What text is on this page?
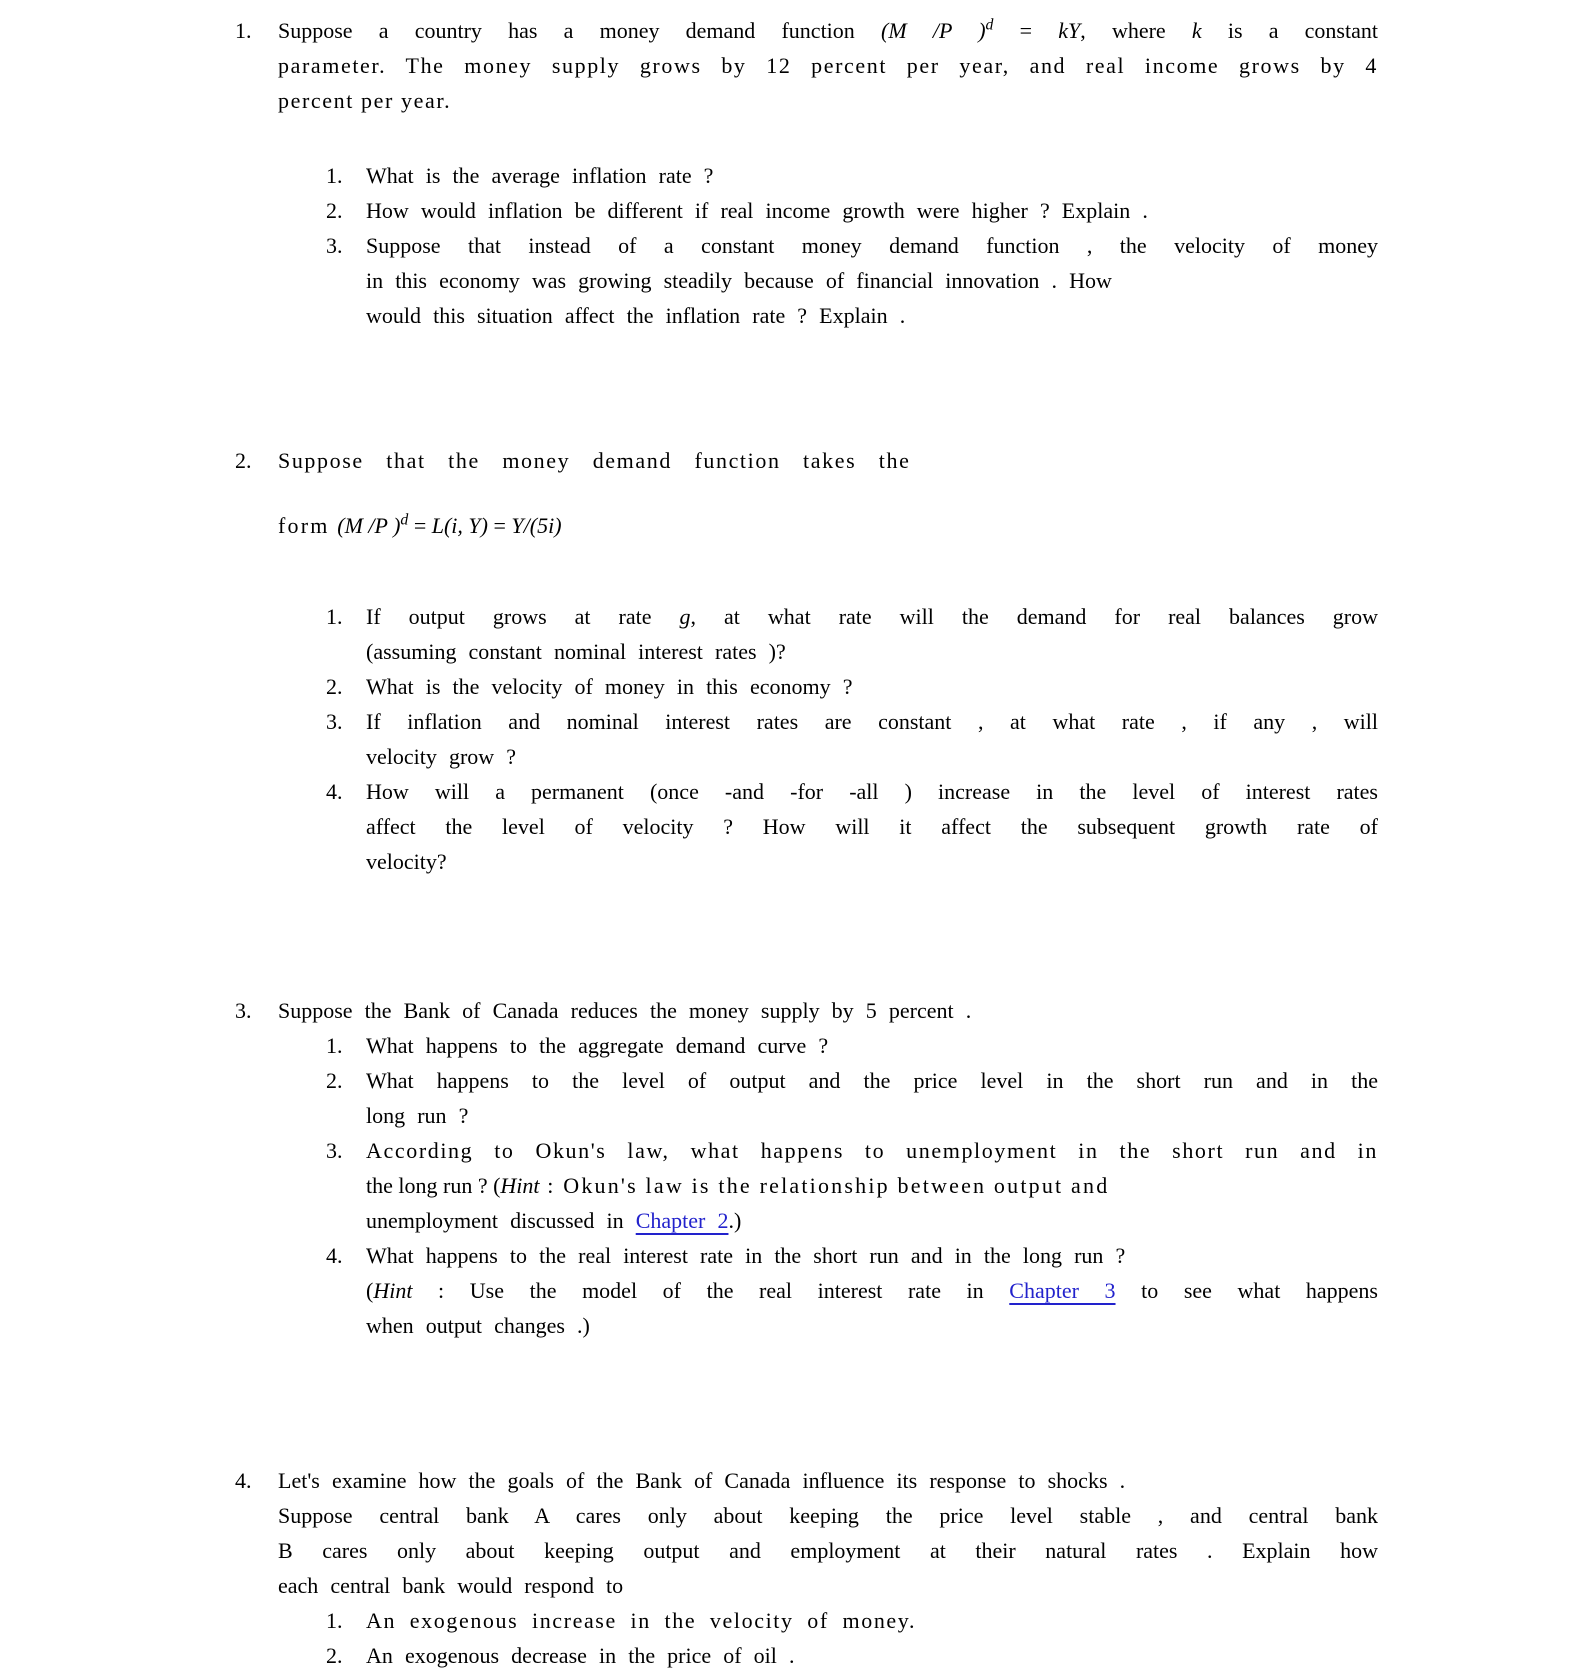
1.	Suppose a country has a money demand function (M /P )$^d$ = kY, where k is a constant
parameter. The money supply grows by 12 percent per year, and real income grows by 4
percent per year.
1.	What is the average inflation rate ?
2.	How would inflation be different if real income growth were higher ? Explain .
3.	Suppose that instead of a constant money demand function , the velocity of money
in this economy was growing steadily because of financial innovation . How
would this situation affect the inflation rate ? Explain .
2.	Suppose that the money demand function takes the
form (M /P )$^d$ = L(i, Y) = Y/(5i)
1.	If output grows at rate g, at what rate will the demand for real balances grow
(assuming constant nominal interest rates )?
2.	What is the velocity of money in this economy ?
3.	If inflation and nominal interest rates are constant , at what rate , if any , will
velocity grow ?
4.	How will a permanent (once -and -for -all ) increase in the level of interest rates
affect the level of velocity ? How will it affect the subsequent growth rate of
velocity?
3.	Suppose the Bank of Canada reduces the money supply by 5 percent .
1.	What happens to the aggregate demand curve ?
2.	What happens to the level of output and the price level in the short run and in the
long run ?
3.	According to Okun's law, what happens to unemployment in the short run and in
the long run ? (Hint : Okun's law is the relationship between output and
unemployment discussed in Chapter 2.)
4.	What happens to the real interest rate in the short run and in the long run ?
(Hint : Use the model of the real interest rate in Chapter 3 to see what happens
when output changes .)
4.	Let's examine how the goals of the Bank of Canada influence its response to shocks .
Suppose central bank A cares only about keeping the price level stable , and central bank
B cares only about keeping output and employment at their natural rates . Explain how
each central bank would respond to
1.	An exogenous increase in the velocity of money.
2.	An exogenous decrease in the price of oil .
